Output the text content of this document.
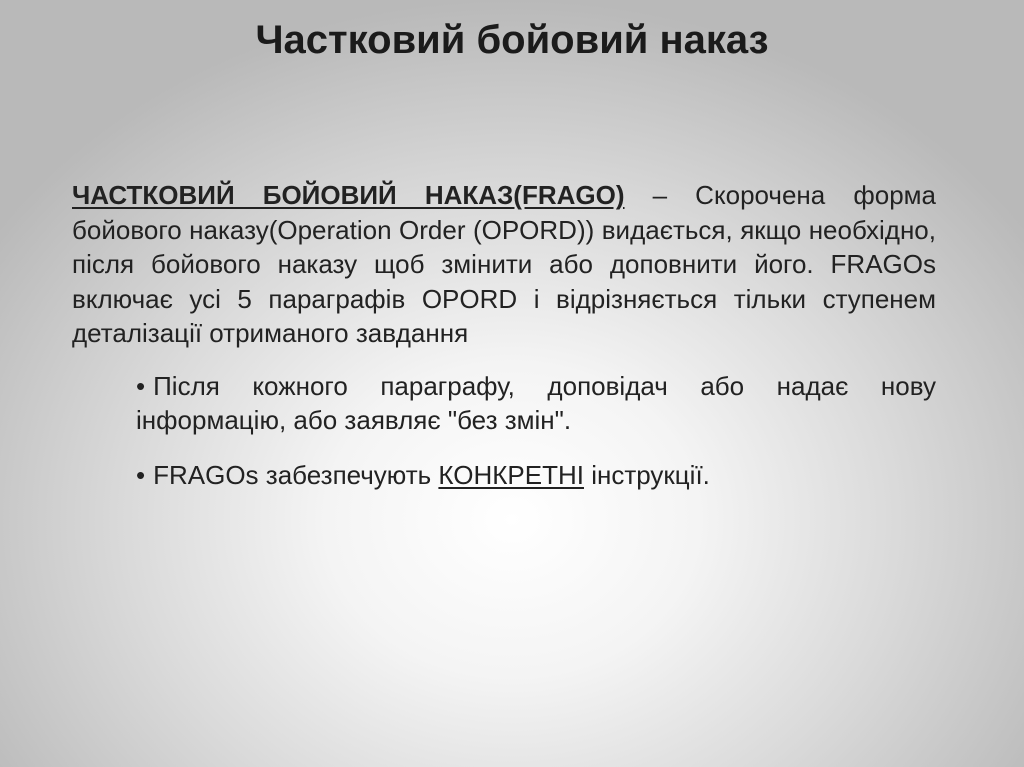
Частковий бойовий наказ

ЧАСТКОВИЙ БОЙОВИЙ НАКАЗ(FRAGO) – Скорочена форма бойового наказу(Operation Order (OPORD)) видається, якщо необхідно, після бойового наказу щоб змінити або доповнити його. FRAGOs включає усі 5 параграфів OPORD і відрізняється тільки ступенем деталізації отриманого завдання

• Після кожного параграфу, доповідач або надає нову інформацію, або заявляє "без змін".
• FRAGOs забезпечують КОНКРЕТНІ інструкції.
